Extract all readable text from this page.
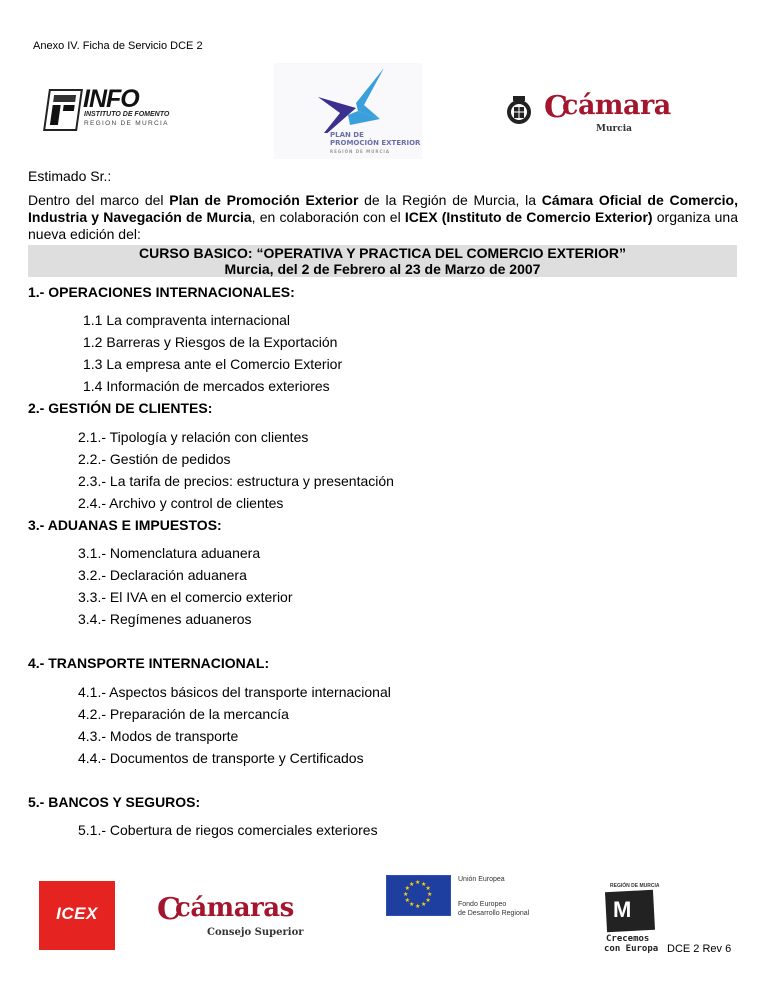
Anexo IV. Ficha de Servicio DCE 2
INFO
INSTITUTO DE FOMENTO
REGION DE MURCIA
PLAN DE
PROMOCIÓN EXTERIOR
REGIÓN DE MURCIA
C
cámara
Murcia
Estimado Sr.:
Dentro del marco del Plan de Promoción Exterior de la Región de Murcia, la Cámara Oficial de Comercio, Industria y Navegación de Murcia, en colaboración con el ICEX (Instituto de Comercio Exterior) organiza una nueva edición del:
CURSO BASICO: “OPERATIVA Y PRACTICA DEL COMERCIO EXTERIOR”
Murcia, del 2 de Febrero al 23 de Marzo de 2007
1.- OPERACIONES INTERNACIONALES:
1.1 La compraventa internacional
1.2 Barreras y Riesgos de la Exportación
1.3 La empresa ante el Comercio Exterior
1.4 Información de mercados exteriores
2.- GESTIÓN DE CLIENTES:
2.1.- Tipología y relación con clientes
2.2.- Gestión de pedidos
2.3.- La tarifa de precios: estructura y presentación
2.4.- Archivo y control de clientes
3.- ADUANAS E IMPUESTOS:
3.1.- Nomenclatura aduanera
3.2.- Declaración aduanera
3.3.- El IVA en el comercio exterior
3.4.- Regímenes aduaneros
4.- TRANSPORTE INTERNACIONAL:
4.1.- Aspectos básicos del transporte internacional
4.2.- Preparación de la mercancía
4.3.- Modos de transporte
4.4.- Documentos de transporte y Certificados
5.- BANCOS Y SEGUROS:
5.1.- Cobertura de riegos comerciales exteriores
ICEX	C
cámaras
Consejo Superior
★ ★
★
★
★
★
★
★
★
★
★
★
Unión Europea
Fondo Europeo
de Desarrollo Regional
REGIÓN DE MURCIA
M
Crecemos
con Europa DCE 2 Rev 6
